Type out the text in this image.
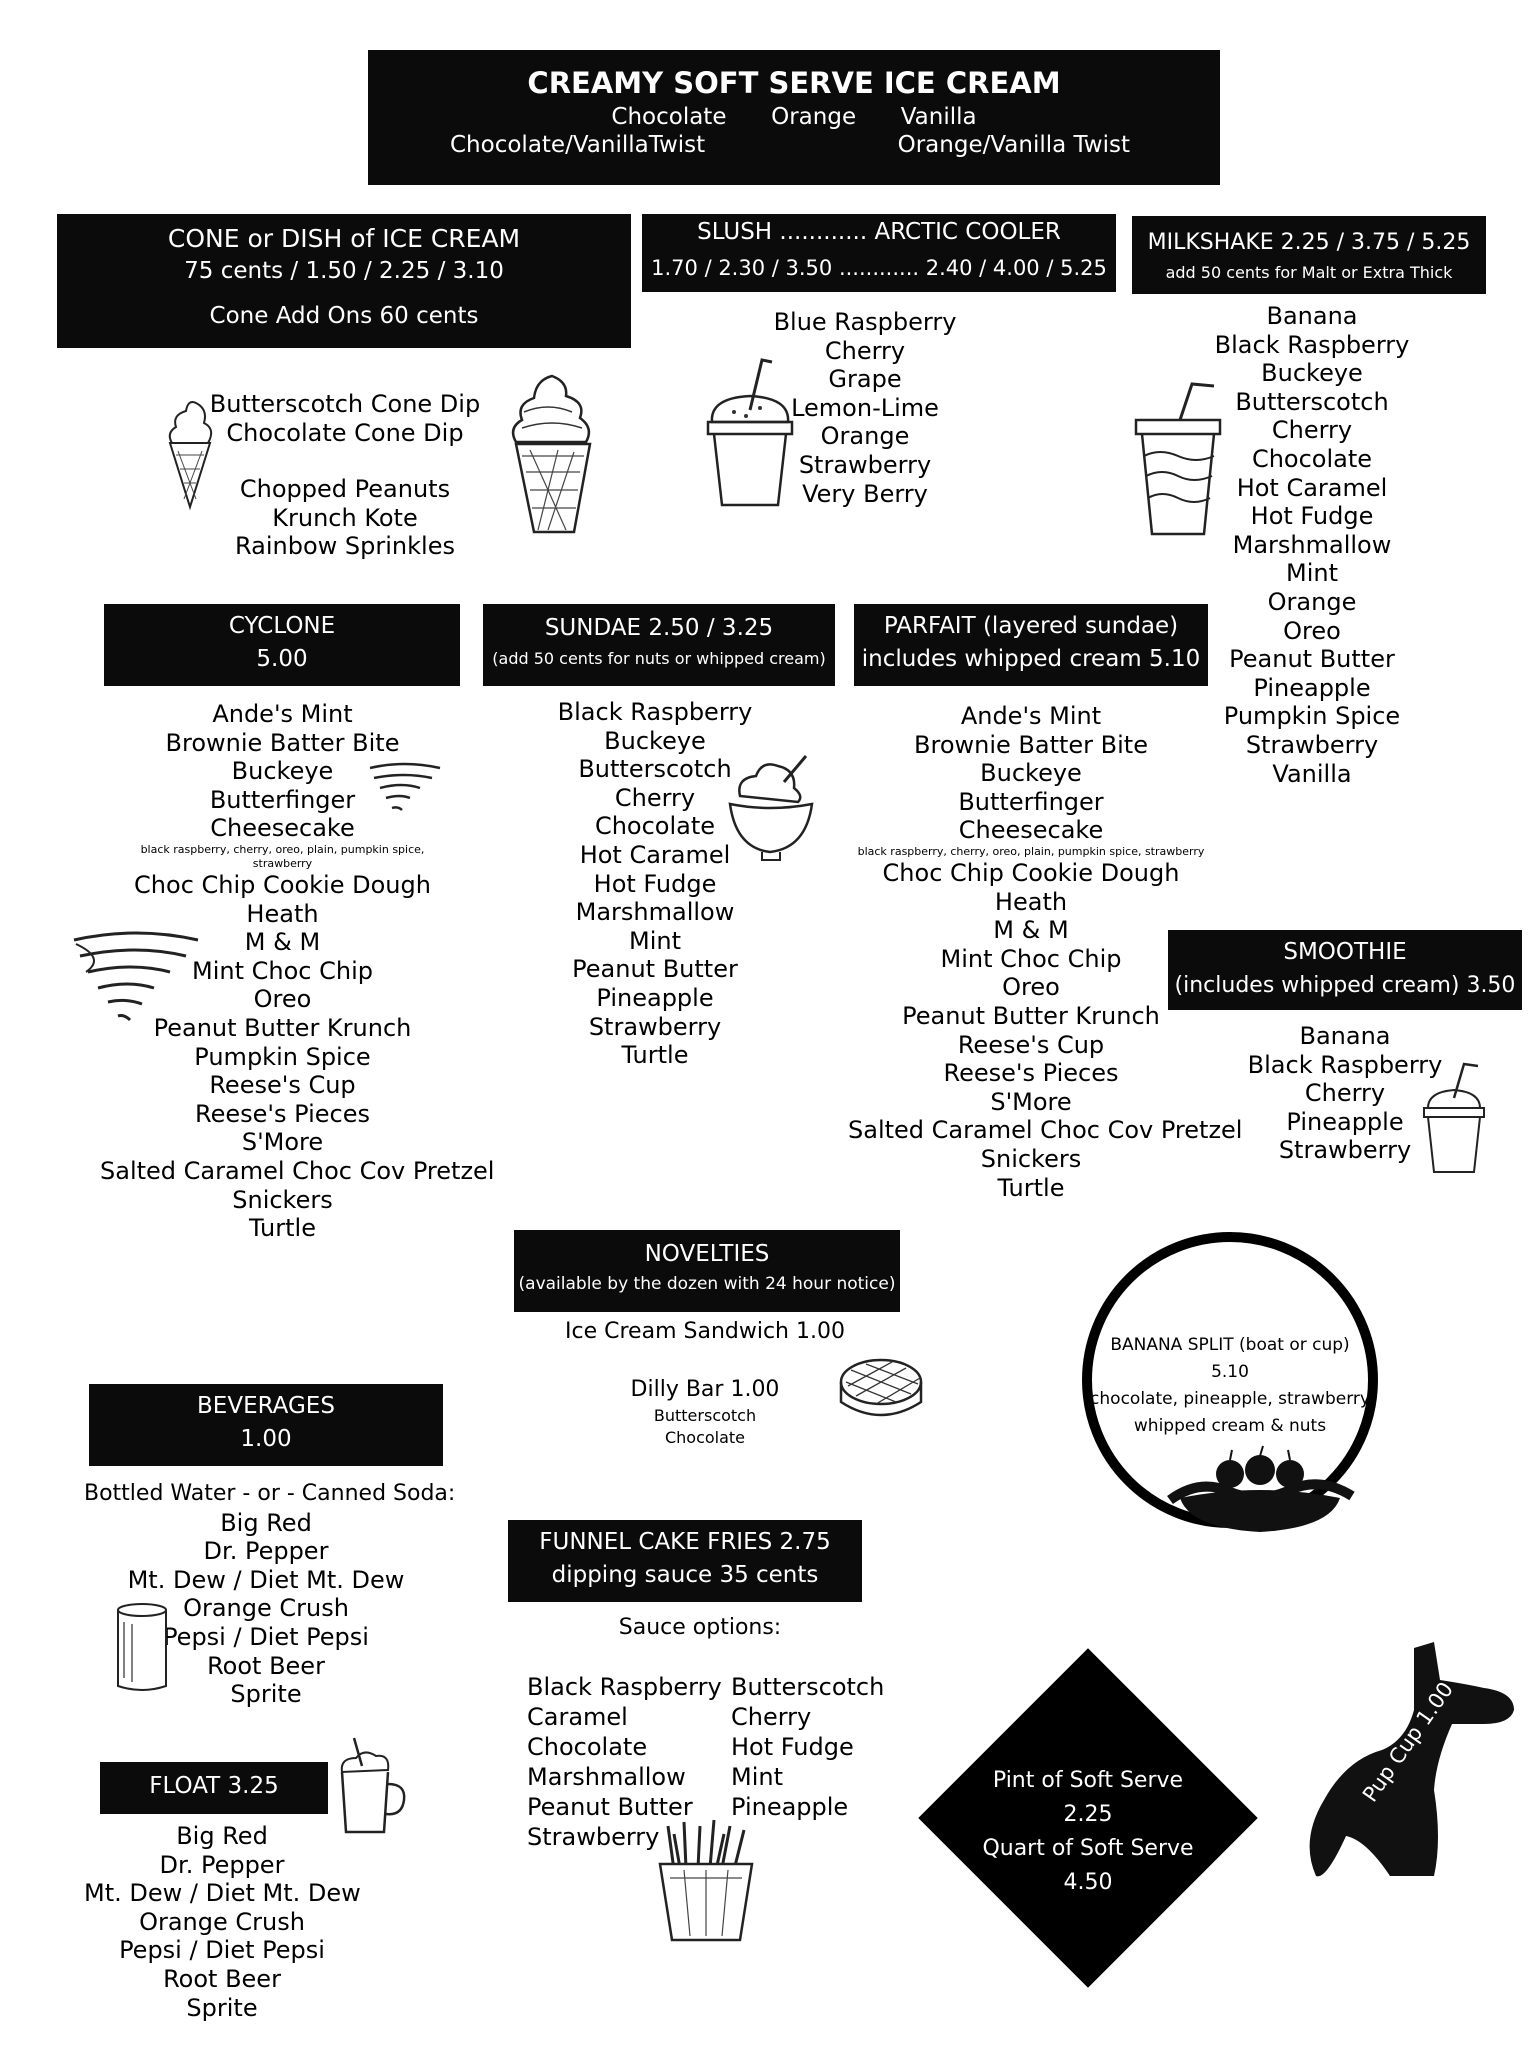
CREAMY SOFT SERVE ICE CREAM
Chocolate Orange Vanilla
Chocolate/VanillaTwist	Orange/Vanilla Twist
CONE or DISH of ICE CREAM
75 cents / 1.50 / 2.25 / 3.10
Cone Add Ons 60 cents
Butterscotch Cone Dip
Chocolate Cone Dip
Chopped Peanuts
Krunch Kote
Rainbow Sprinkles
SLUSH ............ ARCTIC COOLER
1.70 / 2.30 / 3.50 ............ 2.40 / 4.00 / 5.25
Blue Raspberry
Cherry
Grape
Lemon-Lime
Orange
Strawberry
Very Berry
MILKSHAKE 2.25 / 3.75 / 5.25
add 50 cents for Malt or Extra Thick
Banana
Black Raspberry
Buckeye
Butterscotch
Cherry
Chocolate
Hot Caramel
Hot Fudge
Marshmallow
Mint
Orange
Oreo
Peanut Butter
Pineapple
Pumpkin Spice
Strawberry
Vanilla
CYCLONE
5.00
Ande's Mint
Brownie Batter Bite
Buckeye
Butterfinger
Cheesecake
black raspberry, cherry, oreo, plain, pumpkin spice, strawberry
Choc Chip Cookie Dough
Heath
M & M
Mint Choc Chip
Oreo
Peanut Butter Krunch
Pumpkin Spice
Reese's Cup
Reese's Pieces
S'More
Salted Caramel Choc Cov Pretzel
Snickers
Turtle
SUNDAE 2.50 / 3.25
(add 50 cents for nuts or whipped cream)
Black Raspberry
Buckeye
Butterscotch
Cherry
Chocolate
Hot Caramel
Hot Fudge
Marshmallow
Mint
Peanut Butter
Pineapple
Strawberry
Turtle
PARFAIT (layered sundae)
includes whipped cream 5.10
Ande's Mint
Brownie Batter Bite
Buckeye
Butterfinger
Cheesecake
black raspberry, cherry, oreo, plain, pumpkin spice, strawberry
Choc Chip Cookie Dough
Heath
M & M
Mint Choc Chip
Oreo
Peanut Butter Krunch
Reese's Cup
Reese's Pieces
S'More
Salted Caramel Choc Cov Pretzel
Snickers
Turtle
SMOOTHIE
(includes whipped cream) 3.50
Banana
Black Raspberry
Cherry
Pineapple
Strawberry
NOVELTIES
(available by the dozen with 24 hour notice)
Ice Cream Sandwich 1.00
Dilly Bar 1.00
Butterscotch
Chocolate
BANANA SPLIT (boat or cup) 5.10
chocolate, pineapple, strawberry
whipped cream & nuts
BEVERAGES
1.00
Bottled Water - or - Canned Soda:
Big Red
Dr. Pepper
Mt. Dew / Diet Mt. Dew
Orange Crush
Pepsi / Diet Pepsi
Root Beer
Sprite
FUNNEL CAKE FRIES 2.75
dipping sauce 35 cents
Sauce options:
Black Raspberry
Caramel
Chocolate
Marshmallow
Peanut Butter
Strawberry
Butterscotch
Cherry
Hot Fudge
Mint
Pineapple
FLOAT 3.25
Big Red
Dr. Pepper
Mt. Dew / Diet Mt. Dew
Orange Crush
Pepsi / Diet Pepsi
Root Beer
Sprite
Pint of Soft Serve
2.25
Quart of Soft Serve
4.50
Pup Cup 1.00
